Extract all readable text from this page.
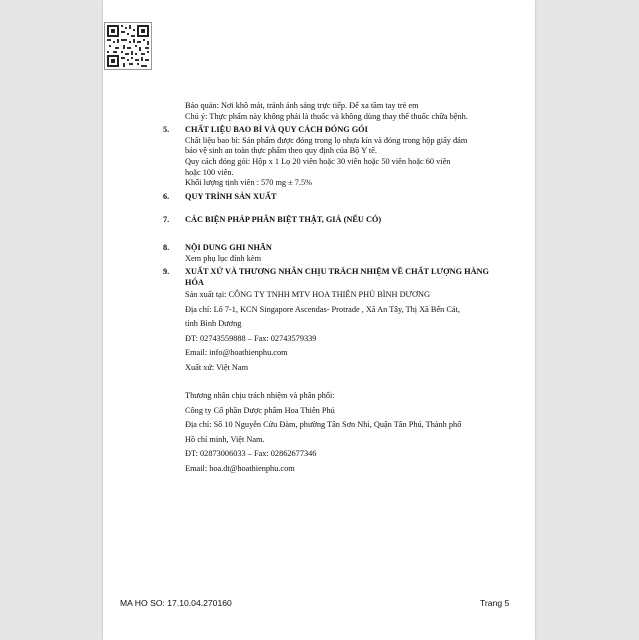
Bảo quản: Nơi khô mát, tránh ánh sáng trực tiếp. Để xa tầm tay trẻ em

Chú ý: Thực phẩm này không phải là thuốc và không dùng thay thế thuốc chữa bệnh.

5. CHẤT LIỆU BAO BÌ VÀ QUY CÁCH ĐÓNG GÓI

Chất liệu bao bì: Sản phẩm được đóng trong lọ nhựa kín và đóng trong hộp giấy đảm

bảo vệ sinh an toàn thực phẩm theo quy định của Bộ Y tế.

Quy cách đóng gói: Hộp x 1 Lọ 20 viên hoặc 30 viên hoặc 50 viên hoặc 60 viên

hoặc 100 viên.

Khối lượng tịnh viên : 570 mg ± 7.5%

6. QUY TRÌNH SẢN XUẤT
7. CÁC BIỆN PHÁP PHÂN BIỆT THẬT, GIẢ (NẾU CÓ)
8. NỘI DUNG GHI NHÃN

Xem phụ lục đính kèm

9. XUẤT XỨ VÀ THƯƠNG NHÂN CHỊU TRÁCH NHIỆM VỀ CHẤT LƯỢNG HÀNG

HÓA

Sản xuất tại: CÔNG TY TNHH MTV HOA THIÊN PHÚ BÌNH DƯƠNG

Địa chỉ: Lô 7-1, KCN Singapore Ascendas- Protrade , Xã An Tây, Thị Xã Bến Cát,

tỉnh Bình Dương

ĐT: 02743559888 – Fax: 02743579339

Email: info@hoathienphu.com

Xuất xứ: Việt Nam

Thương nhân chịu trách nhiệm và phân phối:

Công ty Cổ phần Dược phẩm Hoa Thiên Phú

Địa chỉ: Số 10 Nguyễn Cửu Đàm, phường Tân Sơn Nhì, Quận Tân Phú, Thành phố

Hồ chí minh, Việt Nam.

ĐT: 02873006033 – Fax: 02862677346

Email: hoa.dt@hoathienphu.com

MA HO SO: 17.10.04.270160	Trang 5
